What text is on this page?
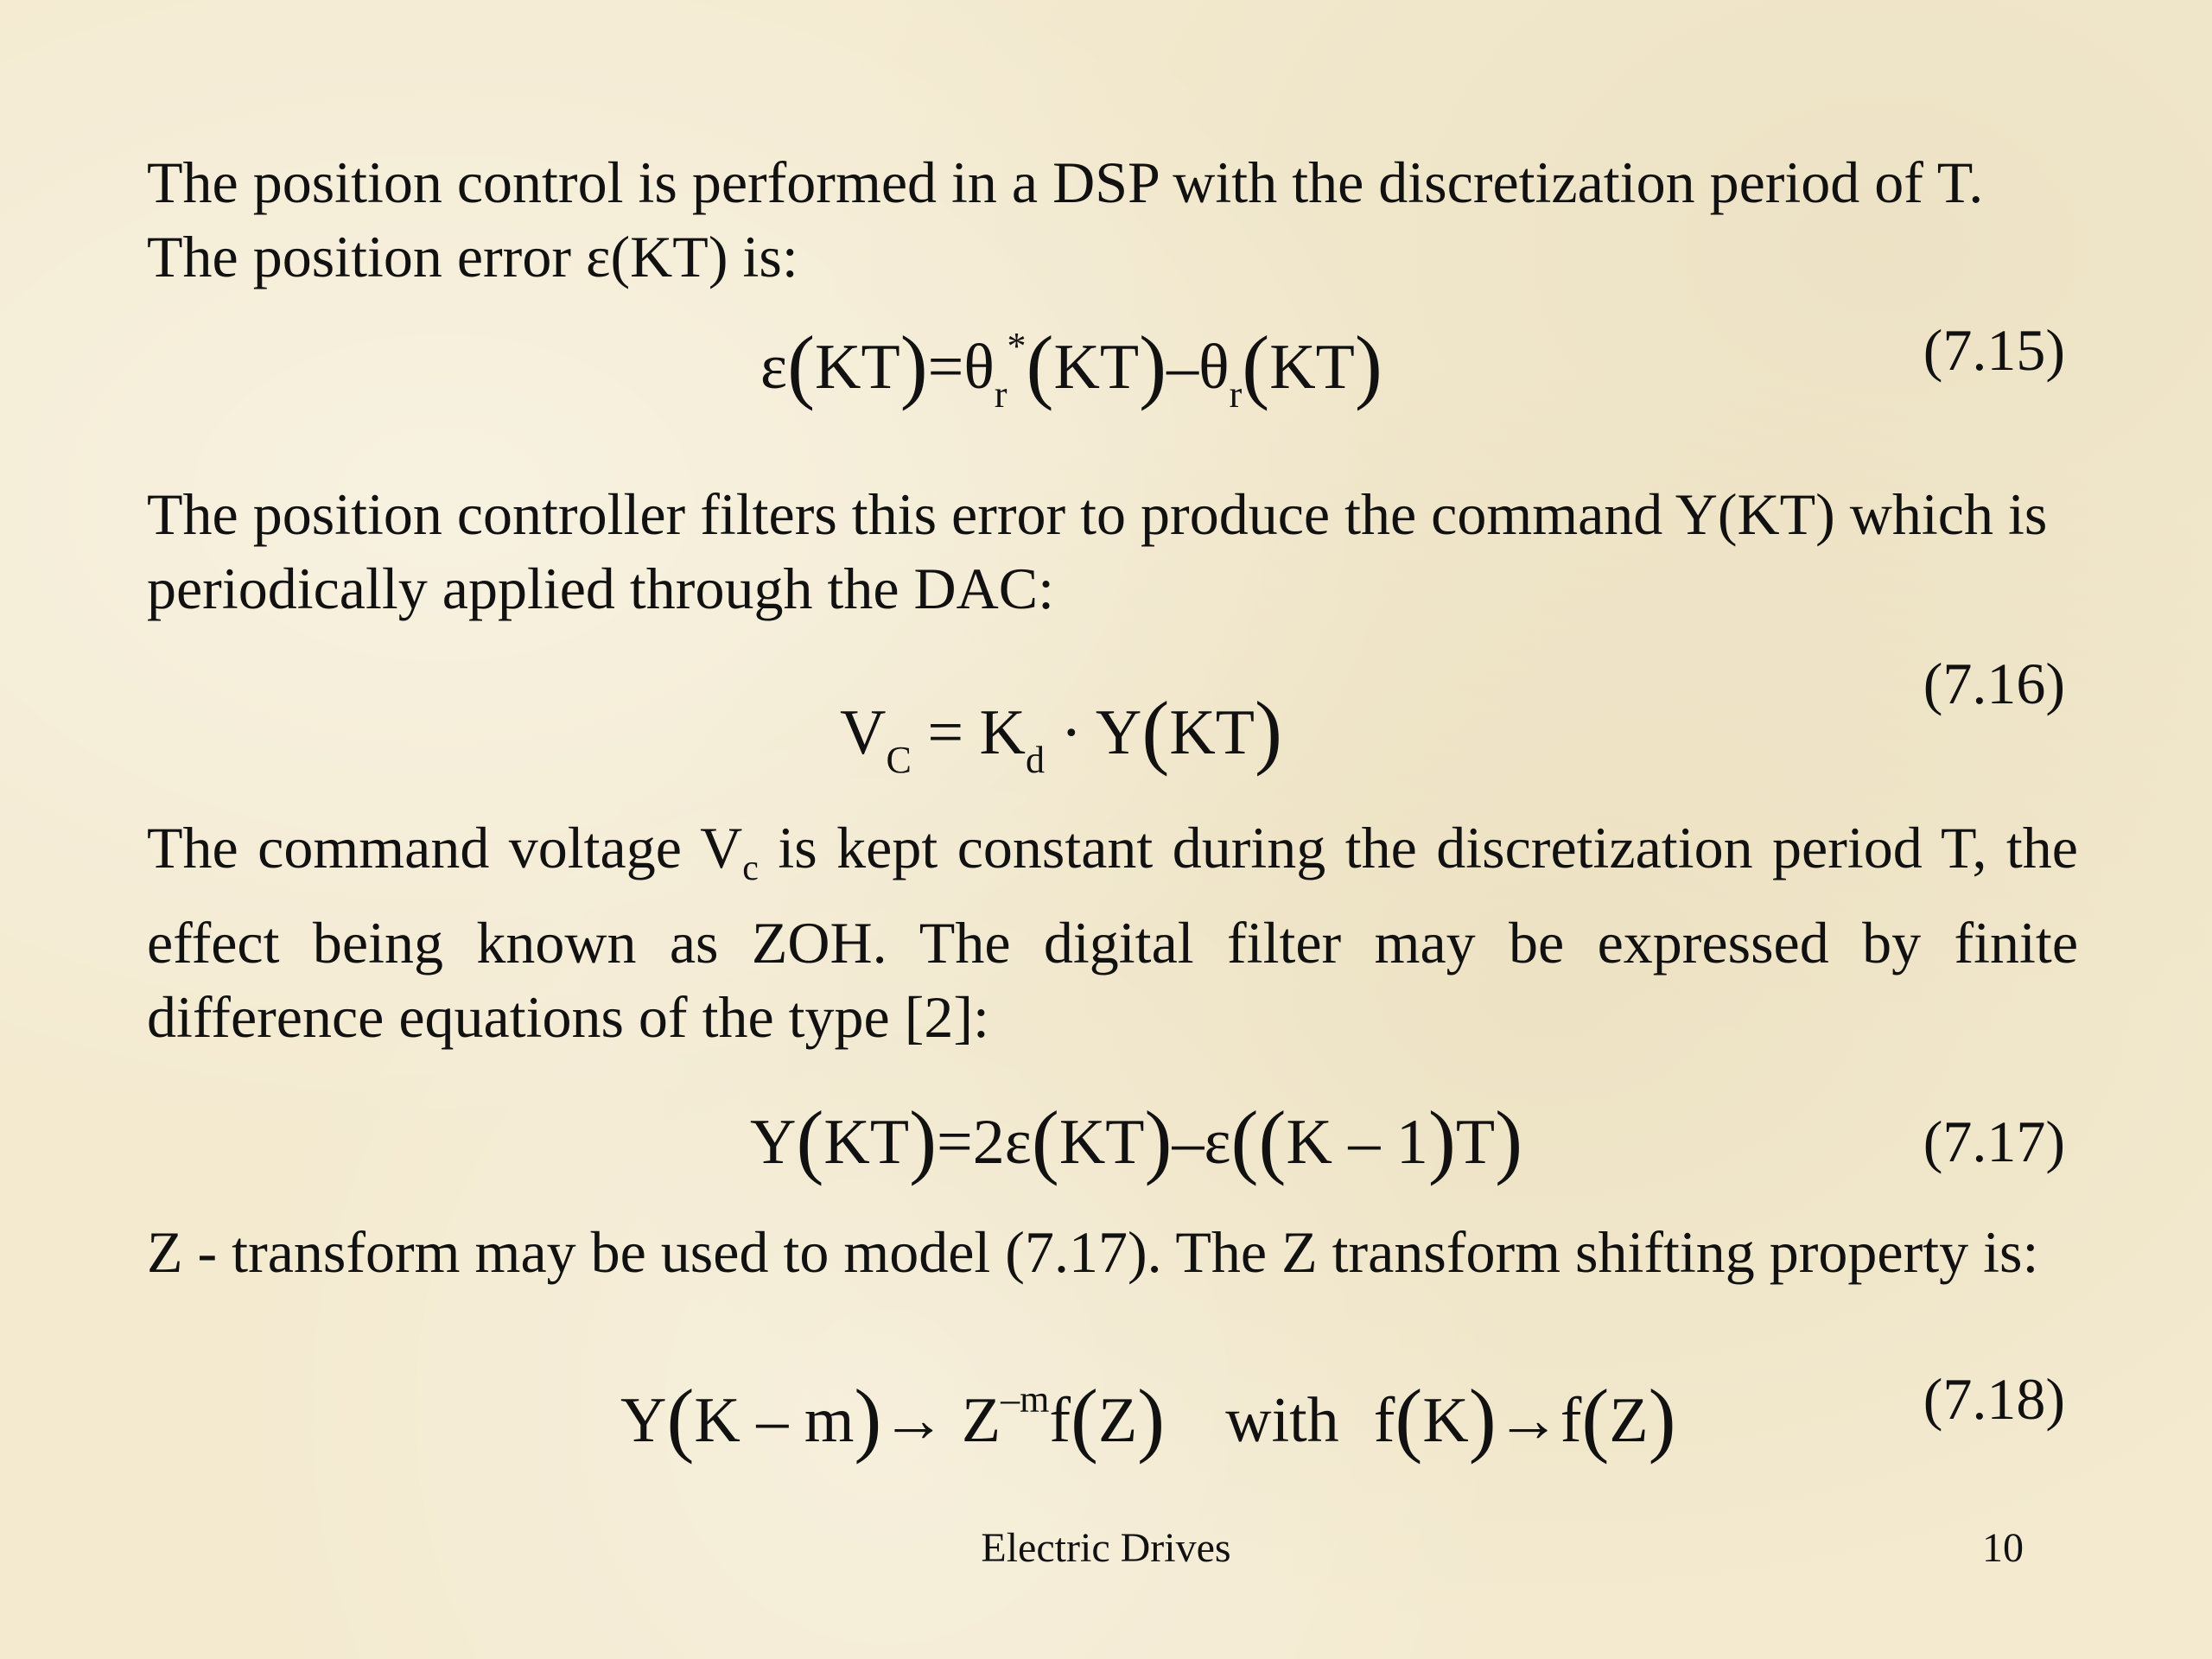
The position control is performed in a DSP with the discretization period of T. The position error ε(KT) is:

$\varepsilon(KT)=\theta_r^*(KT)-\theta_r(KT)$	(7.15)

The position controller filters this error to produce the command Y(KT) which is periodically applied through the DAC:

$V_C = K_d \cdot Y(KT)$
(7.16)

The command voltage $V_c$ is kept constant during the discretization period T, the effect being known as ZOH. The digital filter may be expressed by finite difference equations of the type [2]:

Y(KT)=2ε(KT)–ε((K – 1)T)	(7.17)

Z - transform may be used to model (7.17). The Z transform shifting property is:

$Y(K - m)\to Z^{-m}f(Z)$ with f(K)→f(Z)	(7.18)
Electric Drives	10
